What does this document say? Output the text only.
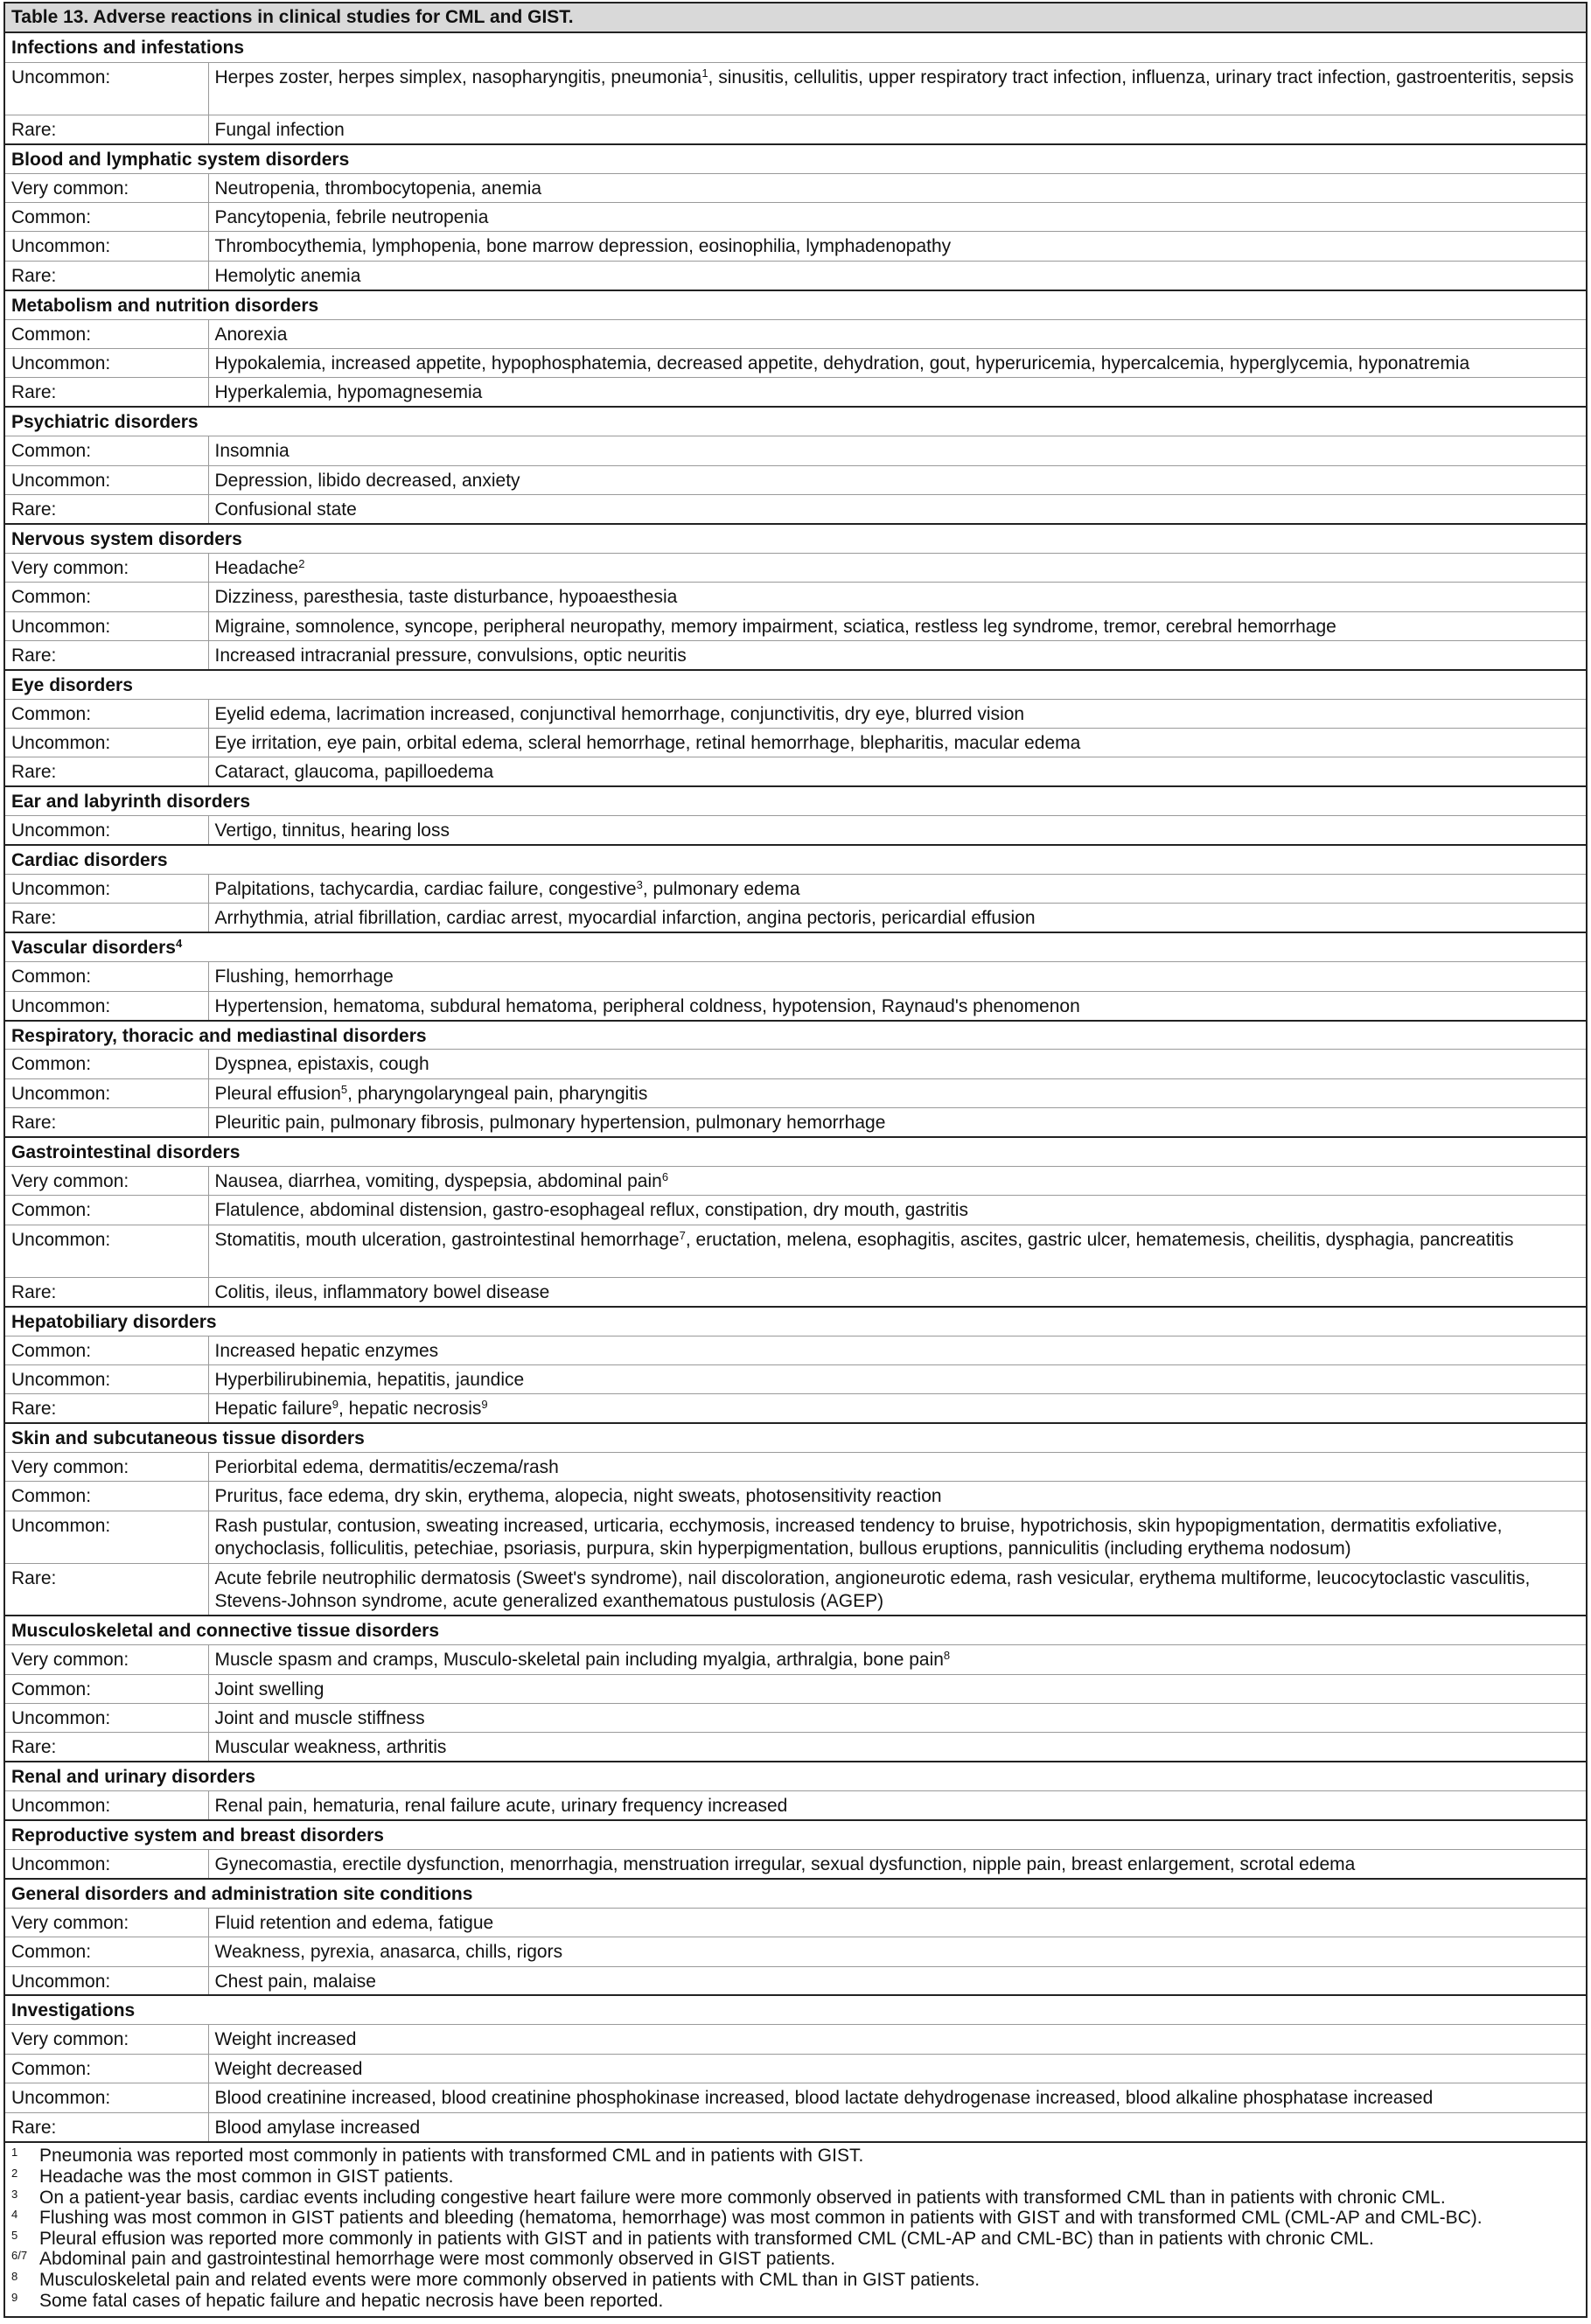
Table 13. Adverse reactions in clinical studies for CML and GIST.
Infections and infestations	
Uncommon:	Herpes zoster, herpes simplex, nasopharyngitis, pneumonia$^1$, sinusitis, cellulitis, upper respiratory tract infection, influenza, urinary tract infection, gastroenteritis, sepsis
Rare:	Fungal infection
Blood and lymphatic system disorders	
Very common:	Neutropenia, thrombocytopenia, anemia
Common:	Pancytopenia, febrile neutropenia
Uncommon:	Thrombocythemia, lymphopenia, bone marrow depression, eosinophilia, lymphadenopathy
Rare:	Hemolytic anemia
Metabolism and nutrition disorders	
Common:	Anorexia
Uncommon:	Hypokalemia, increased appetite, hypophosphatemia, decreased appetite, dehydration, gout, hyperuricemia, hypercalcemia, hyperglycemia, hyponatremia
Rare:	Hyperkalemia, hypomagnesemia
Psychiatric disorders	
Common:	Insomnia
Uncommon:	Depression, libido decreased, anxiety
Rare:	Confusional state
Nervous system disorders	
Very common:	Headache$^2$
Common:	Dizziness, paresthesia, taste disturbance, hypoaesthesia
Uncommon:	Migraine, somnolence, syncope, peripheral neuropathy, memory impairment, sciatica, restless leg syndrome, tremor, cerebral hemorrhage
Rare:	Increased intracranial pressure, convulsions, optic neuritis
Eye disorders	
Common:	Eyelid edema, lacrimation increased, conjunctival hemorrhage, conjunctivitis, dry eye, blurred vision
Uncommon:	Eye irritation, eye pain, orbital edema, scleral hemorrhage, retinal hemorrhage, blepharitis, macular edema
Rare:	Cataract, glaucoma, papilloedema
Ear and labyrinth disorders	
Uncommon:	Vertigo, tinnitus, hearing loss
Cardiac disorders	
Uncommon:	Palpitations, tachycardia, cardiac failure, congestive$^3$, pulmonary edema
Rare:	Arrhythmia, atrial fibrillation, cardiac arrest, myocardial infarction, angina pectoris, pericardial effusion
Vascular disorders$^4$
Common:	Flushing, hemorrhage
Uncommon:	Hypertension, hematoma, subdural hematoma, peripheral coldness, hypotension, Raynaud's phenomenon
Respiratory, thoracic and mediastinal disorders	
Common:	Dyspnea, epistaxis, cough
Uncommon:	Pleural effusion$^5$, pharyngolaryngeal pain, pharyngitis
Rare:	Pleuritic pain, pulmonary fibrosis, pulmonary hypertension, pulmonary hemorrhage
Gastrointestinal disorders	
Very common:	Nausea, diarrhea, vomiting, dyspepsia, abdominal pain$^6$
Common:	Flatulence, abdominal distension, gastro-esophageal reflux, constipation, dry mouth, gastritis
Uncommon:	Stomatitis, mouth ulceration, gastrointestinal hemorrhage$^7$, eructation, melena, esophagitis, ascites, gastric ulcer, hematemesis, cheilitis, dysphagia, pancreatitis
Rare:	Colitis, ileus, inflammatory bowel disease
Hepatobiliary disorders	
Common:	Increased hepatic enzymes
Uncommon:	Hyperbilirubinemia, hepatitis, jaundice
Rare:	Hepatic failure$^9$, hepatic necrosis$^9$
Skin and subcutaneous tissue disorders	
Very common:	Periorbital edema, dermatitis/eczema/rash
Common:	Pruritus, face edema, dry skin, erythema, alopecia, night sweats, photosensitivity reaction
Uncommon:	Rash pustular, contusion, sweating increased, urticaria, ecchymosis, increased tendency to bruise, hypotrichosis, skin hypopigmentation, dermatitis exfoliative, onychoclasis, folliculitis, petechiae, psoriasis, purpura, skin hyperpigmentation, bullous eruptions, panniculitis (including erythema nodosum)
Rare:	Acute febrile neutrophilic dermatosis (Sweet's syndrome), nail discoloration, angioneurotic edema, rash vesicular, erythema multiforme, leucocytoclastic vasculitis, Stevens-Johnson syndrome, acute generalized exanthematous pustulosis (AGEP)
Musculoskeletal and connective tissue disorders	
Very common:	Muscle spasm and cramps, Musculo-skeletal pain including myalgia, arthralgia, bone pain$^8$
Common:	Joint swelling
Uncommon:	Joint and muscle stiffness
Rare:	Muscular weakness, arthritis
Renal and urinary disorders	
Uncommon:	Renal pain, hematuria, renal failure acute, urinary frequency increased
Reproductive system and breast disorders	
Uncommon:	Gynecomastia, erectile dysfunction, menorrhagia, menstruation irregular, sexual dysfunction, nipple pain, breast enlargement, scrotal edema
General disorders and administration site conditions	
Very common:	Fluid retention and edema, fatigue
Common:	Weakness, pyrexia, anasarca, chills, rigors
Uncommon:	Chest pain, malaise
Investigations	
Very common:	Weight increased
Common:	Weight decreased
Uncommon:	Blood creatinine increased, blood creatinine phosphokinase increased, blood lactate dehydrogenase increased, blood alkaline phosphatase increased
Rare:	Blood amylase increased
1	Pneumonia was reported most commonly in patients with transformed CML and in patients with GIST.
2	Headache was the most common in GIST patients.
3	On a patient-year basis, cardiac events including congestive heart failure were more commonly observed in patients with transformed CML than in patients with chronic CML.
4	Flushing was most common in GIST patients and bleeding (hematoma, hemorrhage) was most common in patients with GIST and with transformed CML (CML-AP and CML-BC).
5	Pleural effusion was reported more commonly in patients with GIST and in patients with transformed CML (CML-AP and CML-BC) than in patients with chronic CML.
6/7 Abdominal pain and gastrointestinal hemorrhage were most commonly observed in GIST patients.
8	Musculoskeletal pain and related events were more commonly observed in patients with CML than in GIST patients.
9	Some fatal cases of hepatic failure and hepatic necrosis have been reported.
